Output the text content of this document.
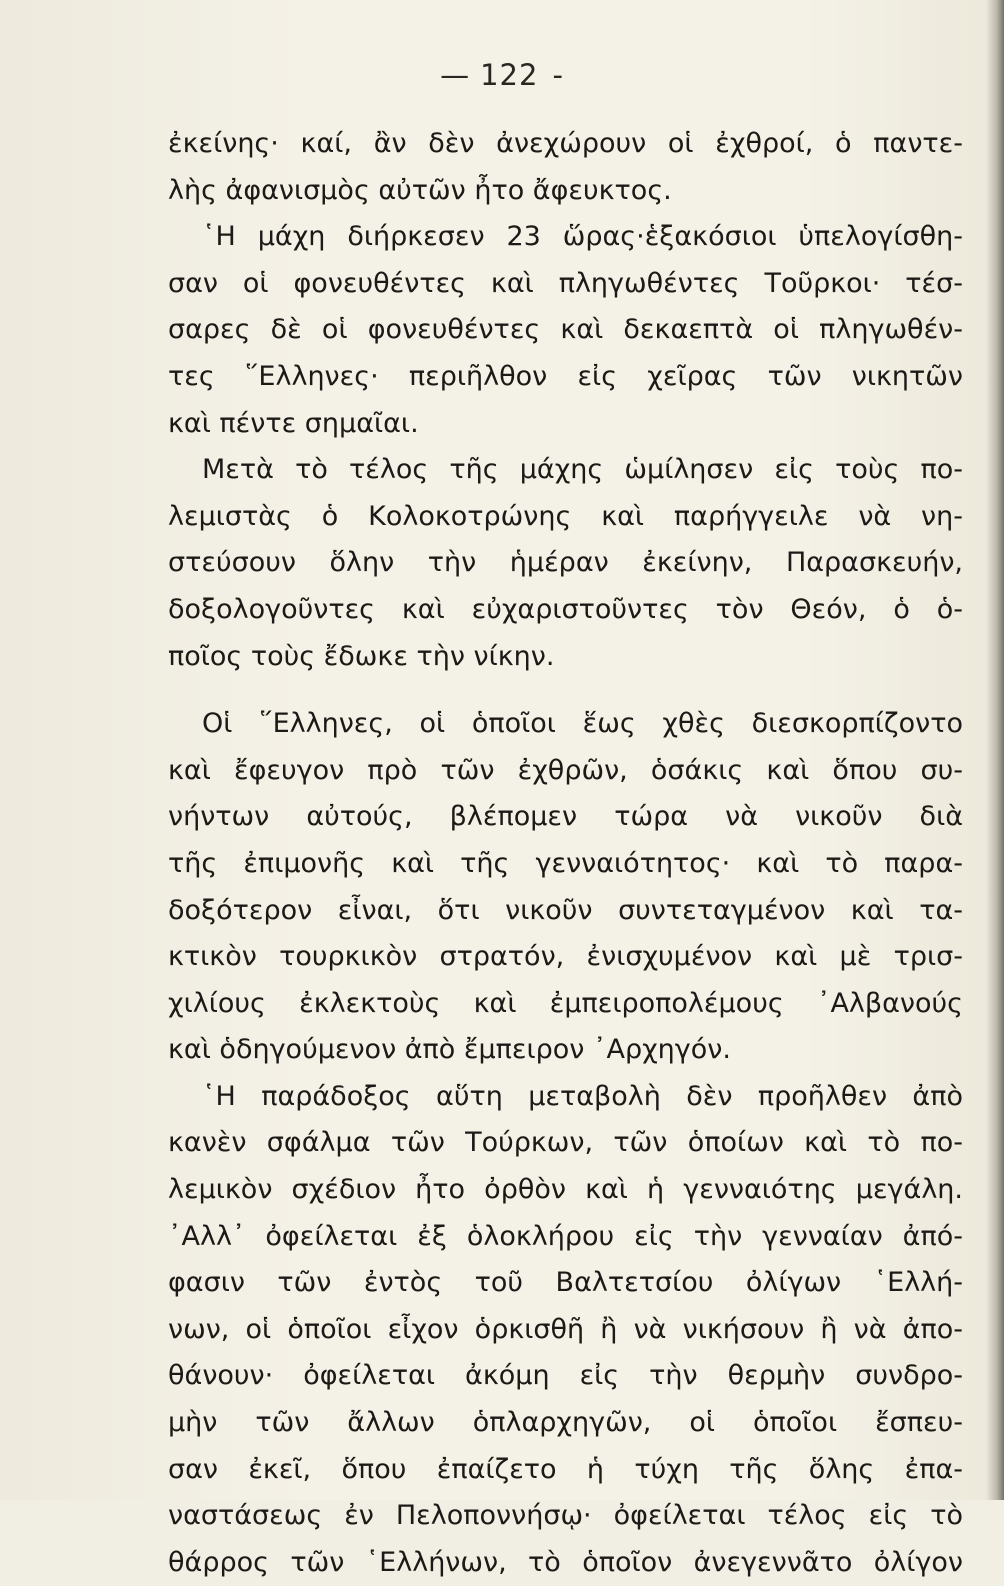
— 122 -
ἐκείνης· καί, ἂν δὲν ἀνεχώρουν οἱ ἐχθροί, ὁ παντε-
λὴς ἀφανισμὸς αὐτῶν ἦτο ἄφευκτος.
῾Η μάχη διήρκεσεν 23 ὥρας·ἑξακόσιοι ὑπελογίσθη-
σαν οἱ φονευθέντες καὶ πληγωθέντες Τοῦρκοι· τέσ-
σαρες δὲ οἱ φονευθέντες καὶ δεκαεπτὰ οἱ πληγωθέν-
τες ῞Ελληνες· περιῆλθον εἰς χεῖρας τῶν νικητῶν
καὶ πέντε σημαῖαι.
Μετὰ τὸ τέλος τῆς μάχης ὡμίλησεν εἰς τοὺς πο-
λεμιστὰς ὁ Κολοκοτρώνης καὶ παρήγγειλε νὰ νη-
στεύσουν ὅλην τὴν ἡμέραν ἐκείνην, Παρασκευήν,
δοξολογοῦντες καὶ εὐχαριστοῦντες τὸν Θεόν, ὁ ὁ-
ποῖος τοὺς ἔδωκε τὴν νίκην.
Οἱ ῞Ελληνες, οἱ ὁποῖοι ἕως χθὲς διεσκορπίζοντο
καὶ ἔφευγον πρὸ τῶν ἐχθρῶν, ὁσάκις καὶ ὅπου συ-
νήντων αὐτούς, βλέπομεν τώρα νὰ νικοῦν διὰ
τῆς ἐπιμονῆς καὶ τῆς γενναιότητος· καὶ τὸ παρα-
δοξότερον εἶναι, ὅτι νικοῦν συντεταγμένον καὶ τα-
κτικὸν τουρκικὸν στρατόν, ἐνισχυμένον καὶ μὲ τρισ-
χιλίους ἐκλεκτοὺς καὶ ἐμπειροπολέμους ᾿Αλβανούς
καὶ ὁδηγούμενον ἀπὸ ἔμπειρον ᾿Αρχηγόν.
῾Η παράδοξος αὕτη μεταβολὴ δὲν προῆλθεν ἀπὸ
κανὲν σφάλμα τῶν Τούρκων, τῶν ὁποίων καὶ τὸ πο-
λεμικὸν σχέδιον ἦτο ὀρθὸν καὶ ἡ γενναιότης μεγάλη.
᾿Αλλ᾿ ὀφείλεται ἐξ ὁλοκλήρου εἰς τὴν γενναίαν ἀπό-
φασιν τῶν ἐντὸς τοῦ Βαλτετσίου ὀλίγων ῾Ελλή-
νων, οἱ ὁποῖοι εἶχον ὁρκισθῆ ἢ νὰ νικήσουν ἢ νὰ ἀπο-
θάνουν· ὀφείλεται ἀκόμη εἰς τὴν θερμὴν συνδρο-
μὴν τῶν ἄλλων ὁπλαρχηγῶν, οἱ ὁποῖοι ἔσπευ-
σαν ἐκεῖ, ὅπου ἐπαίζετο ἡ τύχη τῆς ὅλης ἐπα-
ναστάσεως ἐν Πελοποννήσῳ· ὀφείλεται τέλος εἰς τὸ
θάρρος τῶν ῾Ελλήνων, τὸ ὁποῖον ἀνεγεννᾶτο ὀλίγον
